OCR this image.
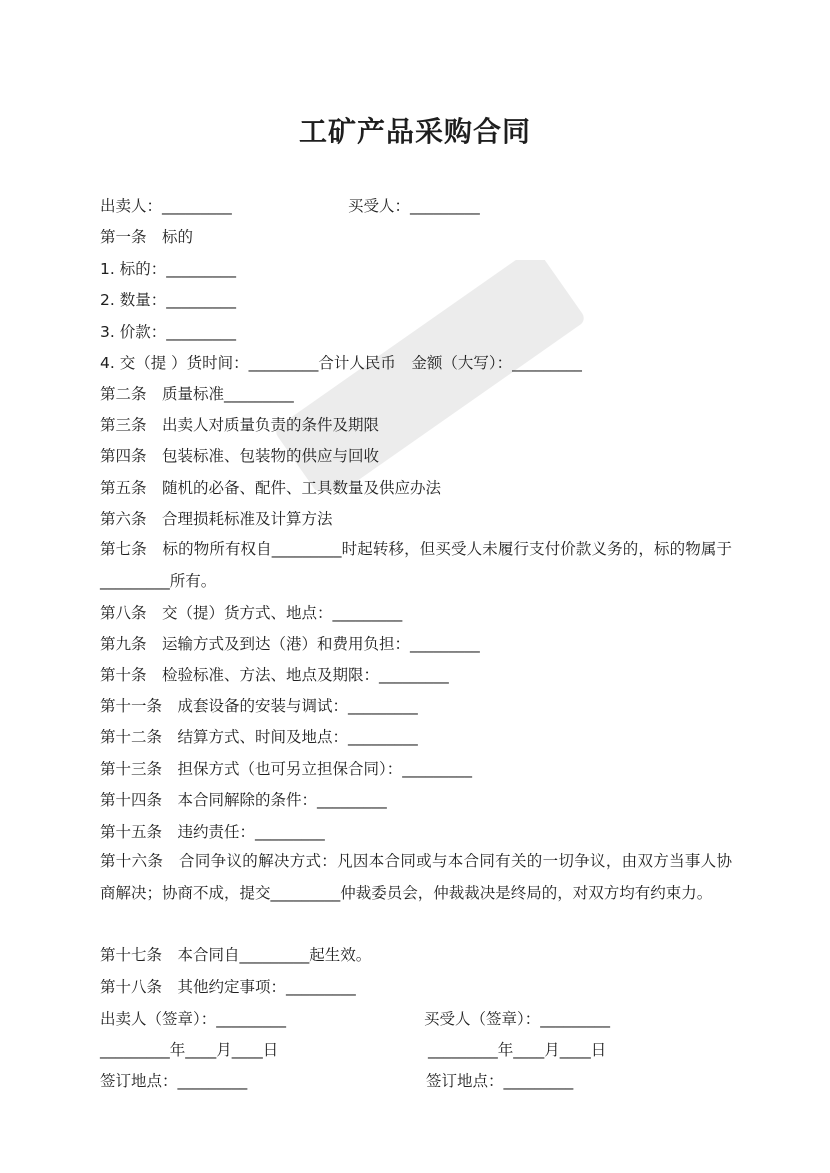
工矿产品采购合同
出卖人：_________	买受人：_________
第一条　标的
1. 标的：_________
2. 数量：_________
3. 价款：_________
4. 交（提 ）货时间：_________合计人民币　金额（大写）：_________
第二条　质量标准_________
第三条　出卖人对质量负责的条件及期限
第四条　包装标准、包装物的供应与回收
第五条　随机的必备、配件、工具数量及供应办法
第六条　合理损耗标准及计算方法
第七条　标的物所有权自_________时起转移，但买受人未履行支付价款义务的，标的物属于_________所有。
第八条　交（提）货方式、地点：_________
第九条　运输方式及到达（港）和费用负担：_________
第十条　检验标准、方法、地点及期限：_________
第十一条　成套设备的安装与调试：_________
第十二条　结算方式、时间及地点：_________
第十三条　担保方式（也可另立担保合同）：_________
第十四条　本合同解除的条件：_________
第十五条　违约责任：_________
第十六条　合同争议的解决方式：凡因本合同或与本合同有关的一切争议，由双方当事人协商解决；协商不成，提交_________仲裁委员会，仲裁裁决是终局的，对双方均有约束力。
第十七条　本合同自_________起生效。
第十八条　其他约定事项：_________
出卖人（签章）：_________	买受人（签章）：_________
_________年____月____日	_________年____月____日
签订地点：_________	签订地点：_________
